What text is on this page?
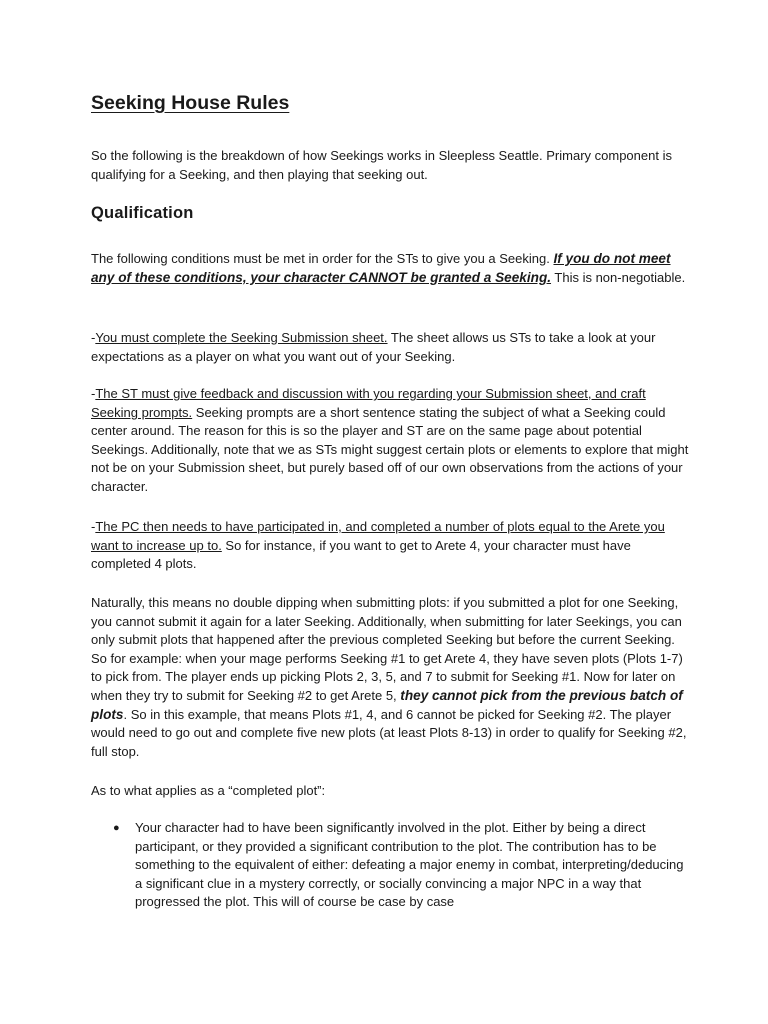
Seeking House Rules

So the following is the breakdown of how Seekings works in Sleepless Seattle. Primary component is qualifying for a Seeking, and then playing that seeking out.

Qualification

The following conditions must be met in order for the STs to give you a Seeking. If you do not meet any of these conditions, your character CANNOT be granted a Seeking. This is non-negotiable.

-You must complete the Seeking Submission sheet. The sheet allows us STs to take a look at your expectations as a player on what you want out of your Seeking.

-The ST must give feedback and discussion with you regarding your Submission sheet, and craft Seeking prompts. Seeking prompts are a short sentence stating the subject of what a Seeking could center around. The reason for this is so the player and ST are on the same page about potential Seekings. Additionally, note that we as STs might suggest certain plots or elements to explore that might not be on your Submission sheet, but purely based off of our own observations from the actions of your character.

-The PC then needs to have participated in, and completed a number of plots equal to the Arete you want to increase up to. So for instance, if you want to get to Arete 4, your character must have completed 4 plots.

Naturally, this means no double dipping when submitting plots: if you submitted a plot for one Seeking, you cannot submit it again for a later Seeking. Additionally, when submitting for later Seekings, you can only submit plots that happened after the previous completed Seeking but before the current Seeking. So for example: when your mage performs Seeking #1 to get Arete 4, they have seven plots (Plots 1-7) to pick from. The player ends up picking Plots 2, 3, 5, and 7 to submit for Seeking #1. Now for later on when they try to submit for Seeking #2 to get Arete 5, they cannot pick from the previous batch of plots. So in this example, that means Plots #1, 4, and 6 cannot be picked for Seeking #2. The player would need to go out and complete five new plots (at least Plots 8-13) in order to qualify for Seeking #2, full stop.

As to what applies as a “completed plot”:

● Your character had to have been significantly involved in the plot. Either by being a direct participant, or they provided a significant contribution to the plot. The contribution has to be something to the equivalent of either: defeating a major enemy in combat, interpreting/deducing a significant clue in a mystery correctly, or socially convincing a major NPC in a way that progressed the plot. This will of course be case by case
